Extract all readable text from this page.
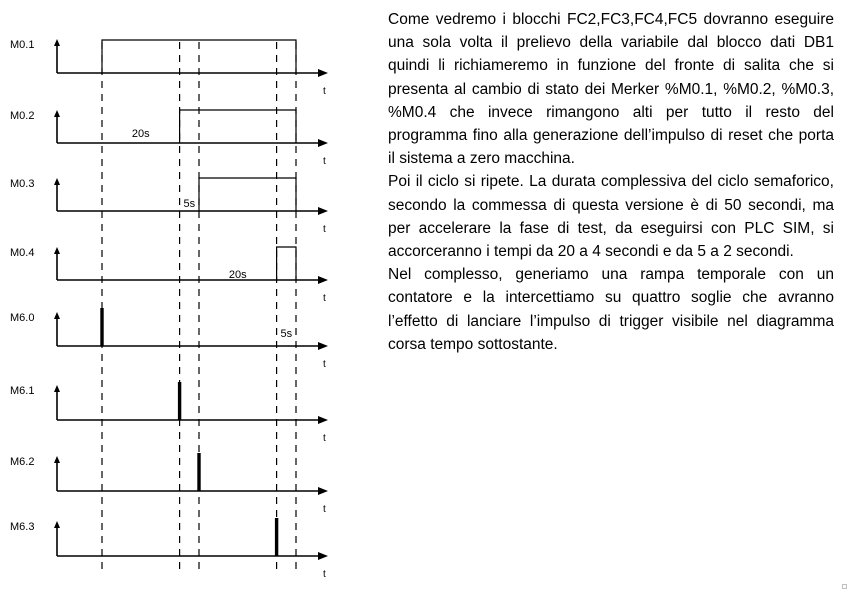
M0.1
t
M0.2
t
M0.3
t
M0.4
t
M6.0
t
M6.1
t
M6.2
t
M6.3
t
20s
5s
20s
5s

Come vedremo i blocchi FC2,FC3,FC4,FC5 dovranno eseguire una sola volta il prelievo della variabile dal blocco dati DB1 quindi li richiameremo in funzione del fronte di salita che si presenta al cambio di stato dei Merker %M0.1, %M0.2, %M0.3, %M0.4 che invece rimangono alti per tutto il resto del programma fino alla generazione dell’impulso di reset che porta il sistema a zero macchina.

Poi il ciclo si ripete. La durata complessiva del ciclo semaforico, secondo la commessa di questa versione è di 50 secondi, ma per accelerare la fase di test, da eseguirsi con PLC SIM, si accorceranno i tempi da 20 a 4 secondi e da 5 a 2 secondi.

Nel complesso, generiamo una rampa temporale con un contatore e la intercettiamo su quattro soglie che avranno l’effetto di lanciare l’impulso di trigger visibile nel diagramma corsa tempo sottostante.
